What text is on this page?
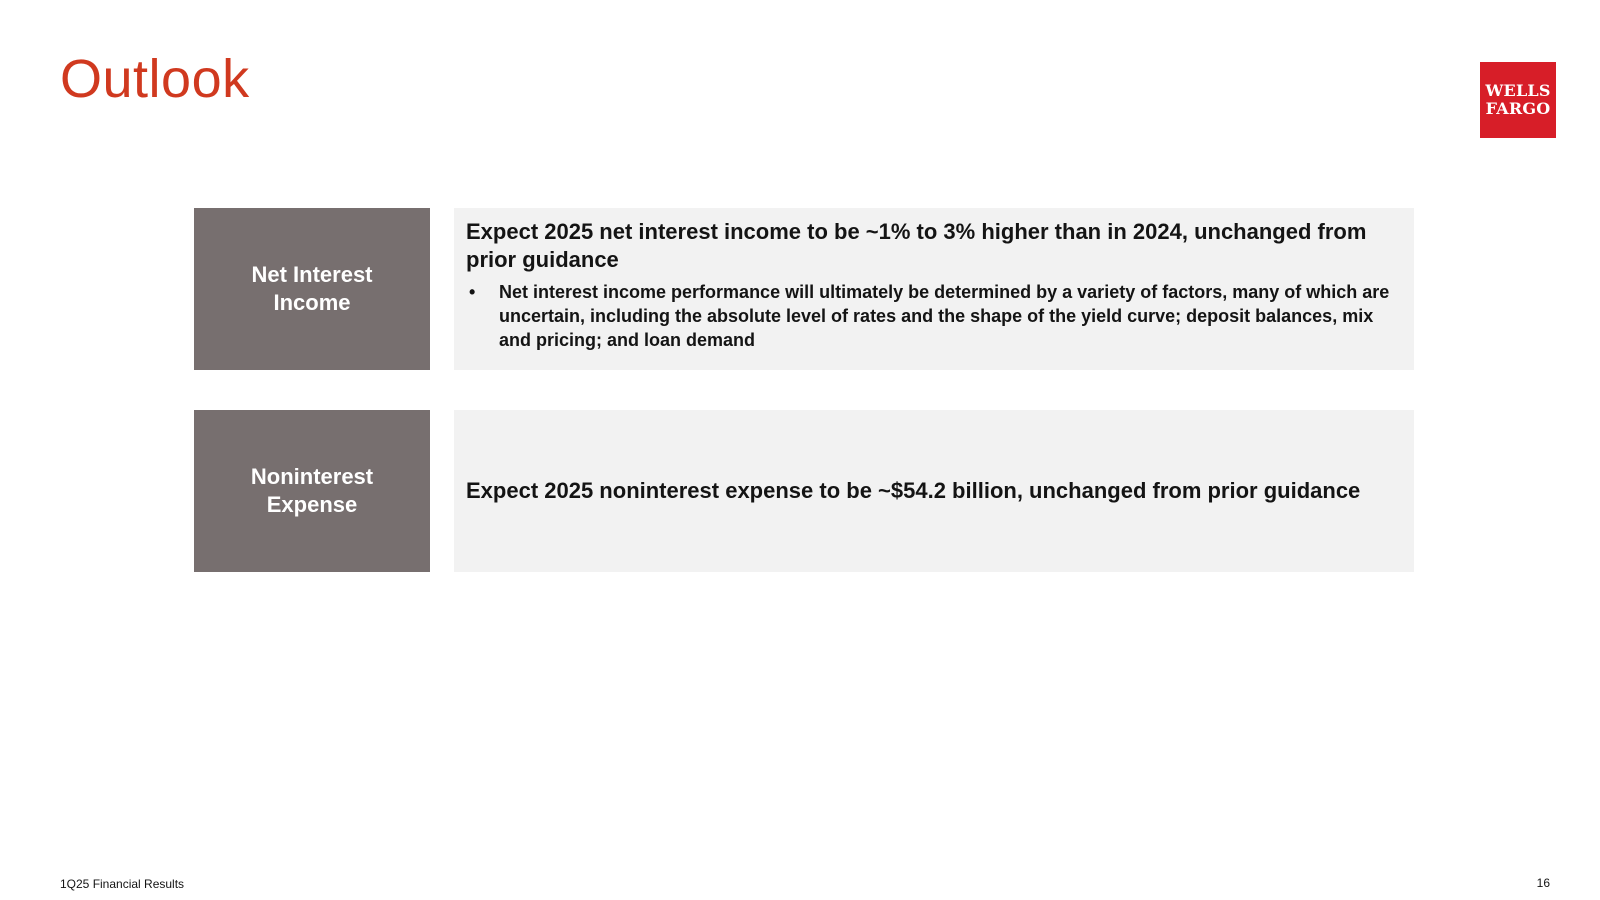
Outlook	WELLS
FARGO
Net Interest
Income

Expect 2025 net interest income to be ~1% to 3% higher than in 2024, unchanged from prior guidance

• Net interest income performance will ultimately be determined by a variety of factors, many of which are uncertain, including the absolute level of rates and the shape of the yield curve; deposit balances, mix and pricing; and loan demand
Noninterest
Expense

Expect 2025 noninterest expense to be ~$54.2 billion, unchanged from prior guidance

1Q25 Financial Results	16
